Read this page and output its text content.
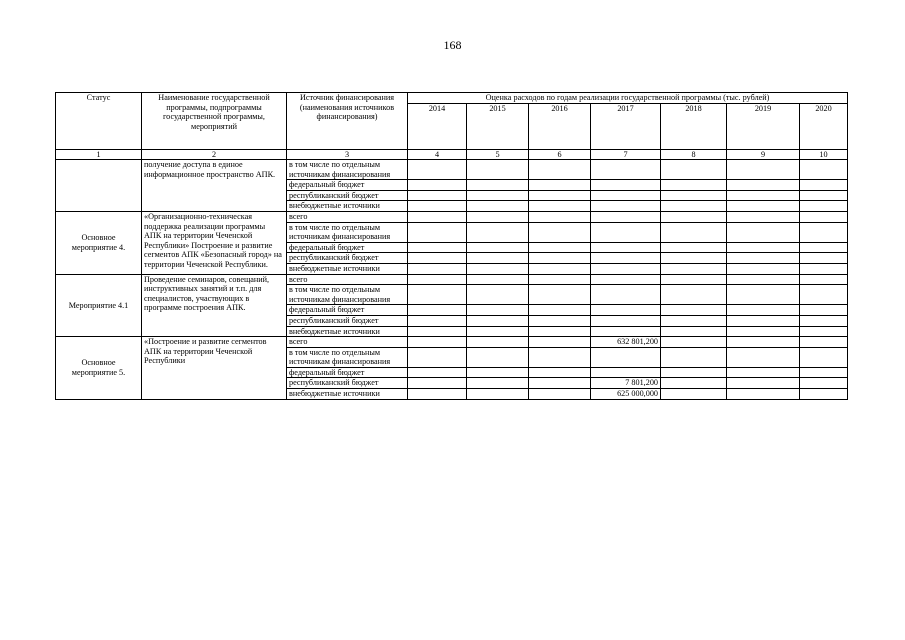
168
Статус	Наименование государственной программы, подпрограммы государственной программы, мероприятий	Источник финансирования (наименования источников финансирования)	Оценка расходов по годам реализации государственной программы (тыс. рублей)						
			2014	2015	2016	2017	2018	2019	2020
1	2	3	4	5	6	7	8	9	10
	получение доступа в единое информационное пространство АПК.	в том числе по отдельным источникам финансирования							
		федеральный бюджет							
		республиканский бюджет							
		внебюджетные источники							
Основное мероприятие 4.	«Организационно-техническая поддержка реализации программы АПК на территории Чеченской Республики» Построение и развитие сегментов АПК «Безопасный город» на территории Чеченской Республики.	всего							
		в том числе по отдельным источникам финансирования							
		федеральный бюджет							
		республиканский бюджет							
		внебюджетные источники							
Мероприятие 4.1	Проведение семинаров, совещаний, инструктивных занятий и т.п. для специалистов, участвующих в программе построения АПК.	всего							
		в том числе по отдельным источникам финансирования							
		федеральный бюджет							
		республиканский бюджет							
		внебюджетные источники							
Основное мероприятие 5.	«Построение и развитие сегментов АПК на территории Чеченской Республики	всего				632 801,200			
		в том числе по отдельным источникам финансирования							
		федеральный бюджет							
		республиканский бюджет				7 801,200			
		внебюджетные источники				625 000,000			
